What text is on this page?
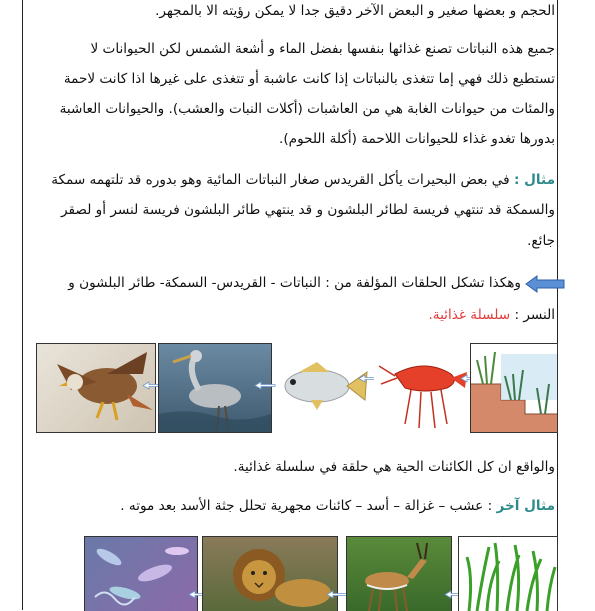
الحجم و بعضها صغير و البعض الآخر دقيق جدا لا يمكن رؤيته الا بالمجهر.
جميع هذه النباتات تصنع غذائها بنفسها بفضل الماء و أشعة الشمس لكن الحيوانات لا
تستطيع ذلك فهي إما تتغذى بالنباتات إذا كانت عاشبة أو تتغذى على غيرها اذا كانت لاحمة
والمئات من حيوانات الغابة هي من العاشبات (أكلات النبات والعشب). والحيوانات العاشبة
بدورها تغدو غذاء للحيوانات اللاحمة (أكلة اللحوم).
مثال : في بعض البحيرات يأكل القريدس صغار النباتات المائية وهو بدوره قد تلتهمه سمكة
والسمكة قد تنتهي فريسة لطائر البلشون و قد ينتهي طائر البلشون فريسة لنسر أو لصقر
جائع.
وهكذا تشكل الحلقات المؤلفة من : النباتات - القريدس- السمكة- طائر البلشون و
النسر : سلسلة غذائية.
والواقع ان كل الكائنات الحية هي حلقة في سلسلة غذائية.
مثال آخر : عشب – غزالة – أسد – كائنات مجهرية تحلل جثة الأسد بعد موته .
